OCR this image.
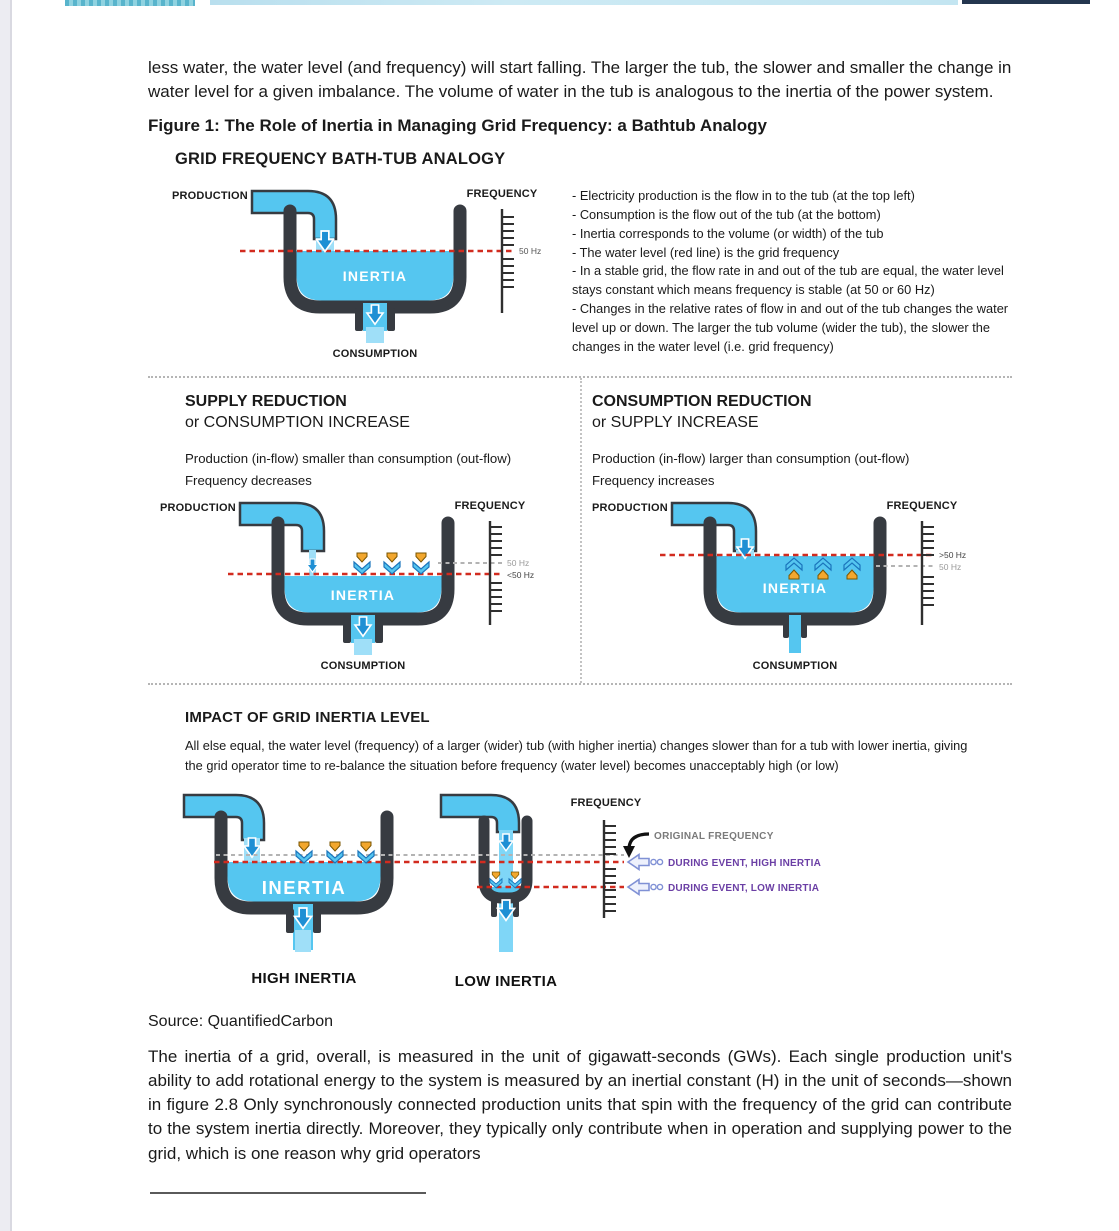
less water, the water level (and frequency) will start falling. The larger the tub, the slower and smaller the change in water level for a given imbalance. The volume of water in the tub is analogous to the inertia of the power system.

Figure 1: The Role of Inertia in Managing Grid Frequency: a Bathtub Analogy

GRID FREQUENCY BATH-TUB ANALOGY
PRODUCTION	FREQUENCY
INERTIA
CONSUMPTION
50 Hz
- Electricity production is the flow in to the tub (at the top left)
- Consumption is the flow out of the tub (at the bottom)
- Inertia corresponds to the volume (or width) of the tub
- The water level (red line) is the grid frequency
- In a stable grid, the flow rate in and out of the tub are equal, the water level stays constant which means frequency is stable (at 50 or 60 Hz)
- Changes in the relative rates of flow in and out of the tub changes the water level up or down. The larger the tub volume (wider the tub), the slower the changes in the water level (i.e. grid frequency)
SUPPLY REDUCTION
or CONSUMPTION INCREASE
Production (in-flow) smaller than consumption (out-flow)
Frequency decreases
PRODUCTION	FREQUENCY
INERTIA
CONSUMPTION
50 Hz
<50 Hz
CONSUMPTION REDUCTION
or SUPPLY INCREASE
Production (in-flow) larger than consumption (out-flow)
Frequency increases
PRODUCTION	FREQUENCY
INERTIA
CONSUMPTION
>50 Hz
50 Hz
IMPACT OF GRID INERTIA LEVEL
All else equal, the water level (frequency) of a larger (wider) tub (with higher inertia) changes slower than for a tub with lower inertia, giving the grid operator time to re-balance the situation before frequency (water level) becomes unacceptably high (or low)
FREQUENCY
ORIGINAL FREQUENCY
DURING EVENT, HIGH INERTIA
DURING EVENT, LOW INERTIA
INERTIA
HIGH INERTIA	LOW INERTIA

Source: QuantifiedCarbon

The inertia of a grid, overall, is measured in the unit of gigawatt-seconds (GWs). Each single production unit's ability to add rotational energy to the system is measured by an inertial constant (H) in the unit of seconds—shown in figure 2.8 Only synchronously connected production units that spin with the frequency of the grid can contribute to the system inertia directly. Moreover, they typically only contribute when in operation and supplying power to the grid, which is one reason why grid operators
